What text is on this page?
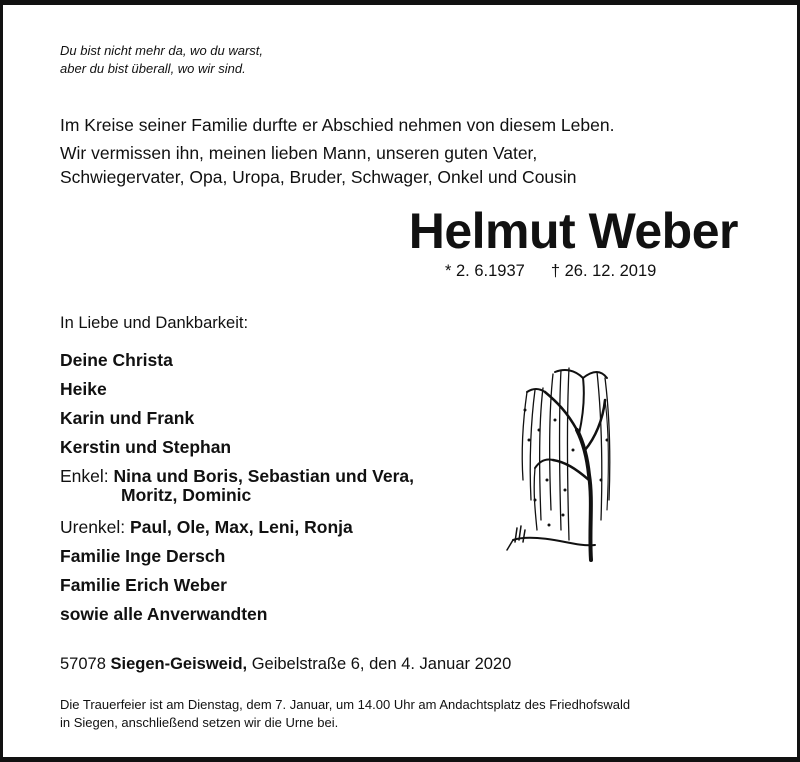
Du bist nicht mehr da, wo du warst,
aber du bist überall, wo wir sind.
Im Kreise seiner Familie durfte er Abschied nehmen von diesem Leben.
Wir vermissen ihn, meinen lieben Mann, unseren guten Vater,
Schwiegervater, Opa, Uropa, Bruder, Schwager, Onkel und Cousin
Helmut Weber
* 2. 6.1937 † 26. 12. 2019
In Liebe und Dankbarkeit:
Deine Christa
Heike
Karin und Frank
Kerstin und Stephan
Enkel: Nina und Boris, Sebastian und Vera,
Moritz, Dominic
Urenkel: Paul, Ole, Max, Leni, Ronja
Familie Inge Dersch
Familie Erich Weber
sowie alle Anverwandten
57078 Siegen-Geisweid, Geibelstraße 6, den 4. Januar 2020
Die Trauerfeier ist am Dienstag, dem 7. Januar, um 14.00 Uhr am Andachtsplatz des Friedhofswald
in Siegen, anschließend setzen wir die Urne bei.
